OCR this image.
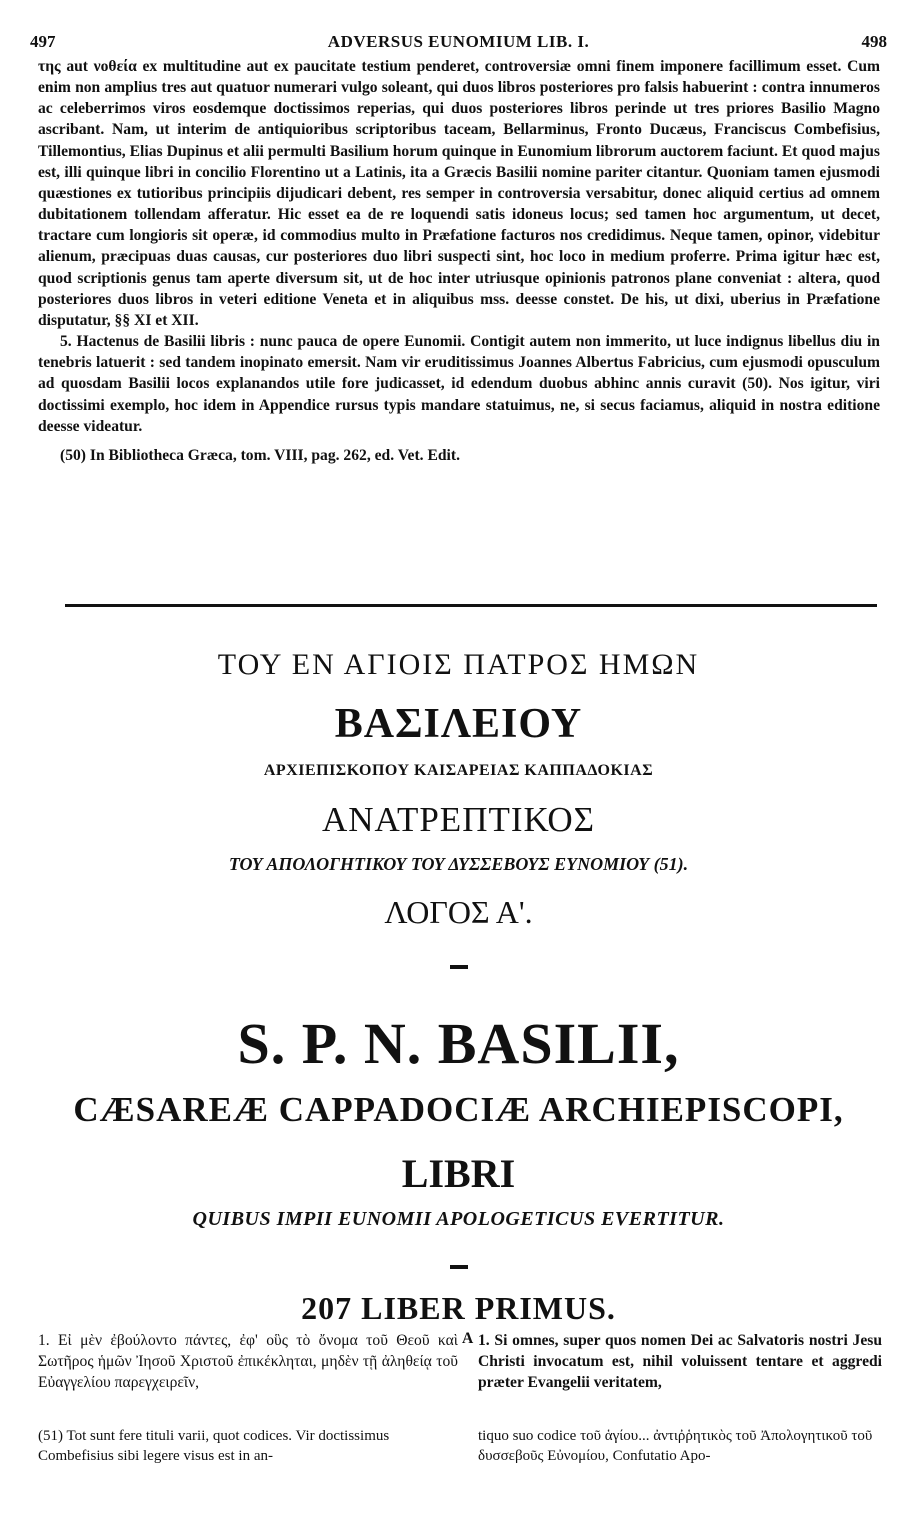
497	ADVERSUS EUNOMIUM LIB. I.	498

της aut νοθεία ex multitudine aut ex paucitate testium penderet, controversiæ omni finem imponere facillimum esset. Cum enim non amplius tres aut quatuor numerari vulgo soleant, qui duos libros posteriores pro falsis habuerint : contra innumeros ac celeberrimos viros eosdemque doctissimos reperias, qui duos posteriores libros perinde ut tres priores Basilio Magno ascribant. Nam, ut interim de antiquioribus scriptoribus taceam, Bellarminus, Fronto Ducæus, Franciscus Combefisius, Tillemontius, Elias Dupinus et alii permulti Basilium horum quinque in Eunomium librorum auctorem faciunt. Et quod majus est, illi quinque libri in concilio Florentino ut a Latinis, ita a Græcis Basilii nomine pariter citantur. Quoniam tamen ejusmodi quæstiones ex tutioribus principiis dijudicari debent, res semper in controversia versabitur, donec aliquid certius ad omnem dubitationem tollendam afferatur. Hic esset ea de re loquendi satis idoneus locus; sed tamen hoc argumentum, ut decet, tractare cum longioris sit operæ, id commodius multo in Præfatione facturos nos credidimus. Neque tamen, opinor, videbitur alienum, præcipuas duas causas, cur posteriores duo libri suspecti sint, hoc loco in medium proferre. Prima igitur hæc est, quod scriptionis genus tam aperte diversum sit, ut de hoc inter utriusque opinionis patronos plane conveniat : altera, quod posteriores duos libros in veteri editione Veneta et in aliquibus mss. deesse constet. De his, ut dixi, uberius in Præfatione disputatur, §§ XI et XII.

5. Hactenus de Basilii libris : nunc pauca de opere Eunomii. Contigit autem non immerito, ut luce indignus libellus diu in tenebris latuerit : sed tandem inopinato emersit. Nam vir eruditissimus Joannes Albertus Fabricius, cum ejusmodi opusculum ad quosdam Basilii locos explanandos utile fore judicasset, id edendum duobus abhinc annis curavit (50). Nos igitur, viri doctissimi exemplo, hoc idem in Appendice rursus typis mandare statuimus, ne, si secus faciamus, aliquid in nostra editione deesse videatur.

(50) In Bibliotheca Græca, tom. VIII, pag. 262, ed. Vet. Edit.

ΤΟΥ ΕΝ ΑΓΙΟΙΣ ΠΑΤΡΟΣ ΗΜΩΝ
ΒΑΣΙΛΕΙΟΥ
ΑΡΧΙΕΠΙΣΚΟΠΟΥ ΚΑΙΣΑΡΕΙΑΣ ΚΑΠΠΑΔΟΚΙΑΣ
ΑΝΑΤΡΕΠΤΙΚΟΣ
ΤΟΥ ΑΠΟΛΟΓΗΤΙΚΟΥ ΤΟΥ ΔΥΣΣΕΒΟΥΣ ΕΥΝΟΜΙΟΥ (51).
ΛΟΓΟΣ Α'.
S. P. N. BASILII,
CÆSAREÆ CAPPADOCIÆ ARCHIEPISCOPI,
LIBRI
QUIBUS IMPII EUNOMII APOLOGETICUS EVERTITUR.
207 LIBER PRIMUS.

1. Εἰ μὲν ἐβούλοντο πάντες, ἐφ' οὓς τὸ ὄνομα τοῦ Θεοῦ καὶ Σωτῆρος ἡμῶν Ἰησοῦ Χριστοῦ ἐπικέκληται, μηδὲν τῇ ἀληθείᾳ τοῦ Εὐαγγελίου παρεγχειρεῖν,

A 1. Si omnes, super quos nomen Dei ac Salvatoris nostri Jesu Christi invocatum est, nihil voluissent tentare et aggredi præter Evangelii veritatem,

(51) Tot sunt fere tituli varii, quot codices. Vir doctissimus Combefisius sibi legere visus est in an-
tiquo suo codice τοῦ ἁγίου... ἀντιῤῥητικὸς τοῦ Ἀπολογητικοῦ τοῦ δυσσεβοῦς Εὐνομίου, Confutatio Apo-
